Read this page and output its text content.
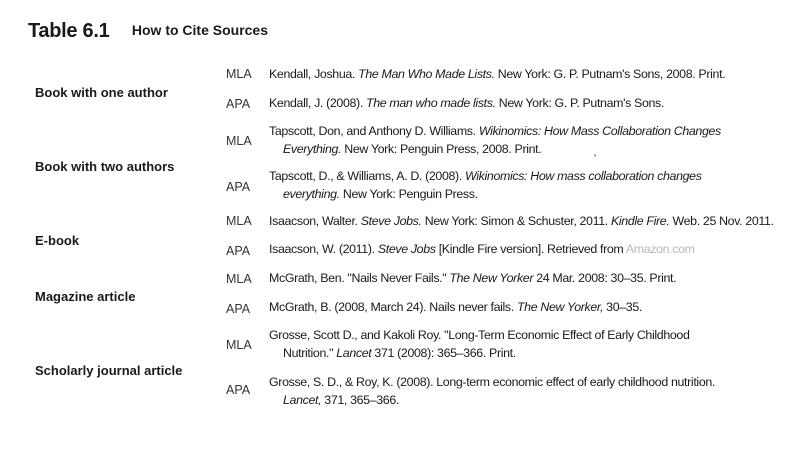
Table 6.1 How to Cite Sources
Book with one author
Book with two authors
E-book
Magazine article
Scholarly journal article
MLA
APA
MLA
APA
MLA
APA
MLA
APA
MLA
APA
Kendall, Joshua. The Man Who Made Lists. New York: G. P. Putnam's Sons, 2008. Print.
Kendall, J. (2008). The man who made lists. New York: G. P. Putnam's Sons.
Tapscott, Don, and Anthony D. Williams. Wikinomics: How Mass Collaboration Changes
Everything. New York: Penguin Press, 2008. Print.
Tapscott, D., & Williams, A. D. (2008). Wikinomics: How mass collaboration changes
everything. New York: Penguin Press.
Isaacson, Walter. Steve Jobs. New York: Simon & Schuster, 2011. Kindle Fire. Web. 25 Nov. 2011.
Isaacson, W. (2011). Steve Jobs [Kindle Fire version]. Retrieved from Amazon.com
McGrath, Ben. "Nails Never Fails." The New Yorker 24 Mar. 2008: 30–35. Print.
McGrath, B. (2008, March 24). Nails never fails. The New Yorker, 30–35.
Grosse, Scott D., and Kakoli Roy. "Long-Term Economic Effect of Early Childhood
Nutrition." Lancet 371 (2008): 365–366. Print.
Grosse, S. D., & Roy, K. (2008). Long-term economic effect of early childhood nutrition.
Lancet, 371, 365–366.
˴
